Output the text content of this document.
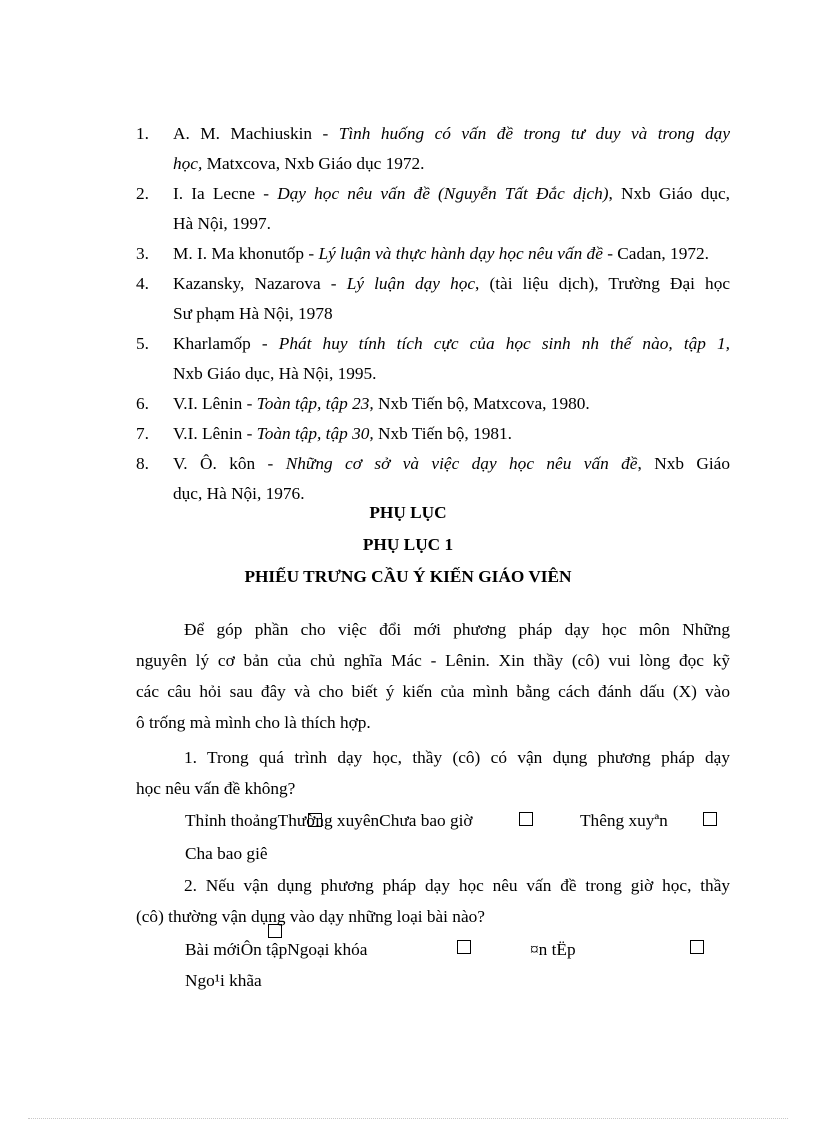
1. A. M. Machiuskin - Tình huống có vấn đề trong tư duy và trong dạy
học, Matxcova, Nxb Giáo dục 1972.
2. I. Ia Lecne - Dạy học nêu vấn đề (Nguyễn Tất Đắc dịch), Nxb Giáo dục,
Hà Nội, 1997.
3. M. I. Ma khonutốp - Lý luận và thực hành dạy học nêu vấn đề - Cadan, 1972.
4. Kazansky, Nazarova - Lý luận dạy học, (tài liệu dịch), Trường Đại học
Sư phạm Hà Nội, 1978
5. Kharlamốp - Phát huy tính tích cực của học sinh nh thế nào, tập 1,
Nxb Giáo dục, Hà Nội, 1995.
6. V.I. Lênin - Toàn tập, tập 23, Nxb Tiến bộ, Matxcova, 1980.
7. V.I. Lênin - Toàn tập, tập 30, Nxb Tiến bộ, 1981.
8. V. Ô. kôn - Những cơ sở và việc dạy học nêu vấn đề, Nxb Giáo
dục, Hà Nội, 1976.
PHỤ LỤC
PHỤ LỤC 1
PHIẾU TRƯNG CẦU Ý KIẾN GIÁO VIÊN
Để góp phần cho việc đổi mới phương pháp dạy học môn Những
nguyên lý cơ bản của chủ nghĩa Mác - Lênin. Xin thầy (cô) vui lòng đọc kỹ
các câu hỏi sau đây và cho biết ý kiến của mình bằng cách đánh dấu (X) vào
ô trống mà mình cho là thích hợp.
1. Trong quá trình dạy học, thầy (cô) có vận dụng phương pháp dạy
học nêu vấn đề không?
Thỉnh thoảngThường xuyênChưa bao giờ	Thêng xuyªn
Cha bao giê
2. Nếu vận dụng phương pháp dạy học nêu vấn đề trong giờ học, thầy
(cô) thường vận dụng vào dạy những loại bài nào?
Bài mớiÔn tậpNgoại khóa	¤n tËp
Ngo¹i khãa
